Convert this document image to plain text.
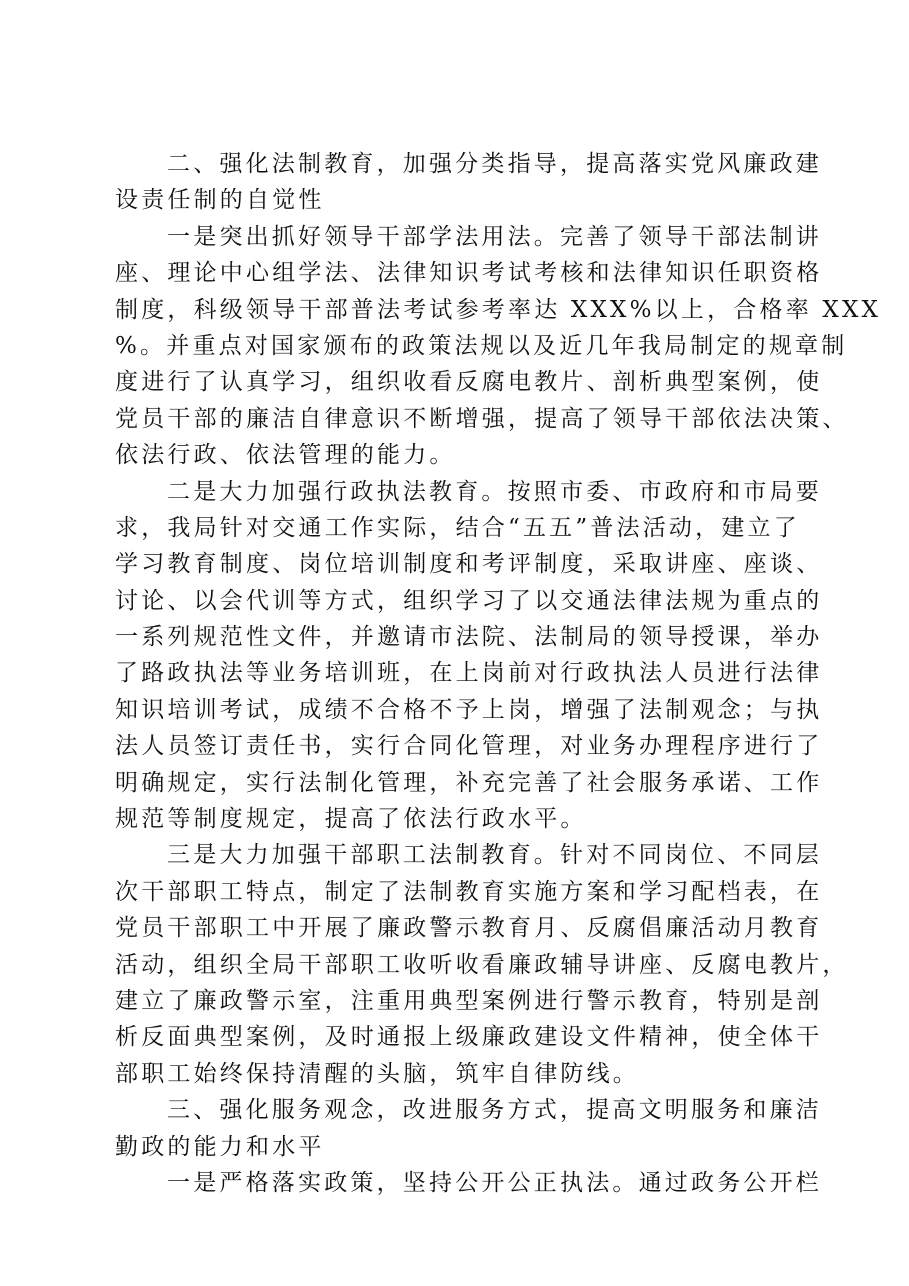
二、强化法制教育，加强分类指导，提高落实党风廉政建
设责任制的自觉性
一是突出抓好领导干部学法用法。完善了领导干部法制讲
座、理论中心组学法、法律知识考试考核和法律知识任职资格
制度，科级领导干部普法考试参考率达 XXX%以上，合格率 XXX
%。并重点对国家颁布的政策法规以及近几年我局制定的规章制
度进行了认真学习，组织收看反腐电教片、剖析典型案例，使
党员干部的廉洁自律意识不断增强，提高了领导干部依法决策、
依法行政、依法管理的能力。
二是大力加强行政执法教育。按照市委、市政府和市局要
求，我局针对交通工作实际，结合“五五”普法活动，建立了
学习教育制度、岗位培训制度和考评制度，采取讲座、座谈、
讨论、以会代训等方式，组织学习了以交通法律法规为重点的
一系列规范性文件，并邀请市法院、法制局的领导授课，举办
了路政执法等业务培训班，在上岗前对行政执法人员进行法律
知识培训考试，成绩不合格不予上岗，增强了法制观念；与执
法人员签订责任书，实行合同化管理，对业务办理程序进行了
明确规定，实行法制化管理，补充完善了社会服务承诺、工作
规范等制度规定，提高了依法行政水平。
三是大力加强干部职工法制教育。针对不同岗位、不同层
次干部职工特点，制定了法制教育实施方案和学习配档表，在
党员干部职工中开展了廉政警示教育月、反腐倡廉活动月教育
活动，组织全局干部职工收听收看廉政辅导讲座、反腐电教片，
建立了廉政警示室，注重用典型案例进行警示教育，特别是剖
析反面典型案例，及时通报上级廉政建设文件精神，使全体干
部职工始终保持清醒的头脑，筑牢自律防线。
三、强化服务观念，改进服务方式，提高文明服务和廉洁
勤政的能力和水平
一是严格落实政策，坚持公开公正执法。通过政务公开栏
